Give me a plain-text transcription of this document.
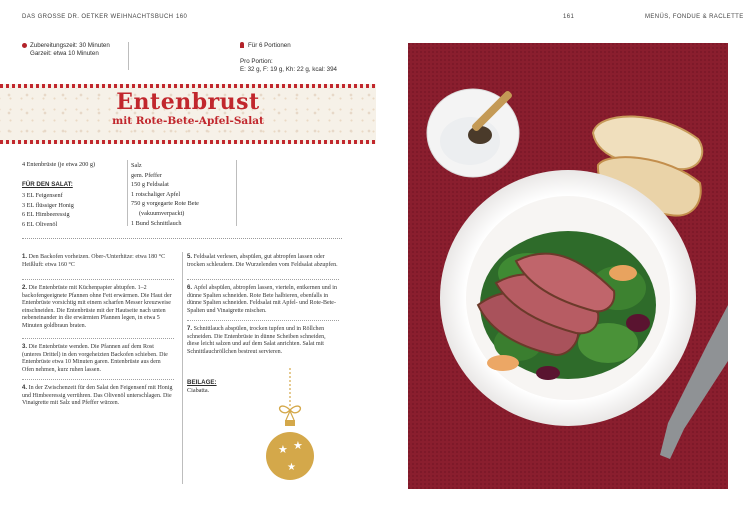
DAS GROSSE DR. OETKER WEIHNACHTSBUCH 160	161	MENÜS, FONDUE & RACLETTE
Zubereitungszeit: 30 Minuten
Garzeit: etwa 10 Minuten
Für 6 Portionen
Pro Portion:
E: 32 g, F: 19 g, Kh: 22 g, kcal: 394
Entenbrust
mit Rote-Bete-Apfel-Salat
4 Entenbrüste (je etwa 200 g)
FÜR DEN SALAT:
3 EL Feigensenf
3 EL flüssiger Honig
6 EL Himbeeressig
6 EL Olivenöl
Salz
gem. Pfeffer
150 g Feldsalat
1 rotschaliger Apfel
750 g vorgegarte Rote Bete
(vakuumverpackt)
1 Bund Schnittlauch
1. Den Backofen vorheizen. Ober-/Unterhitze: etwa 180 °C Heißluft: etwa 160 °C
2. Die Entenbrüste mit Küchenpapier abtupfen. 1–2 backofengeeignete Pfannen ohne Fett erwärmen. Die Haut der Entenbrüste vorsichtig mit einem scharfen Messer kreuzweise einschneiden. Die Entenbrüste mit der Hautseite nach unten nebeneinander in die erwärmten Pfannen legen, in etwa 5 Minuten goldbraun braten.
3. Die Entenbrüste wenden. Die Pfannen auf dem Rost (unteres Drittel) in den vorgeheizten Backofen schieben. Die Entenbrüste etwa 10 Minuten garen. Entenbrüste aus dem Ofen nehmen, kurz ruhen lassen.
4. In der Zwischenzeit für den Salat den Feigensenf mit Honig und Himbeeressig verrühren. Das Olivenöl unterschlagen. Die Vinaigrette mit Salz und Pfeffer würzen.
5. Feldsalat verlesen, abspülen, gut abtropfen lassen oder trocken schleudern. Die Wurzelenden vom Feldsalat abzupfen.
6. Apfel abspülen, abtropfen lassen, vierteln, entkernen und in dünne Spalten schneiden. Rote Bete halbieren, ebenfalls in dünne Spalten schneiden. Feldsalat mit Apfel- und Rote-Bete-Spalten und Vinaigrette mischen.
7. Schnittlauch abspülen, trocken tupfen und in Röllchen schneiden. Die Entenbrüste in dünne Scheiben schneiden, diese leicht salzen und auf dem Salat anrichten. Salat mit Schnittlauchröllchen bestreut servieren.
BEILAGE:
Ciabatta.
★ ★
★
